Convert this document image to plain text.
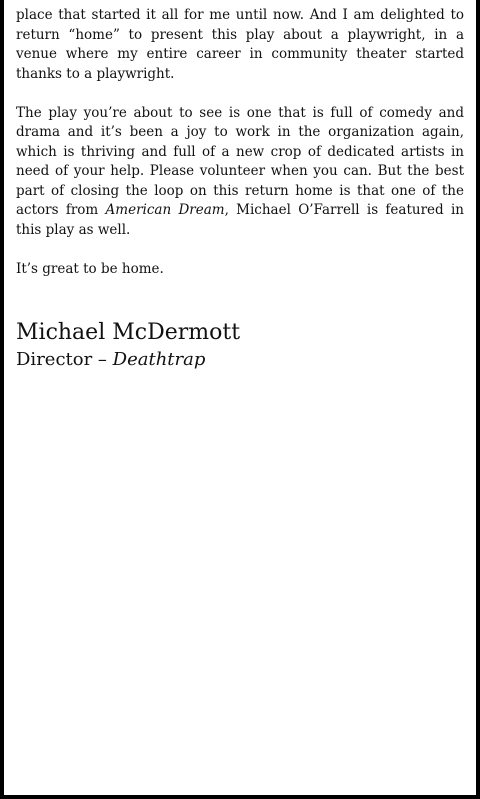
place that started it all for me until now. And I am delighted to return “home” to present this play about a playwright, in a venue where my entire career in community theater started thanks to a playwright.

The play you’re about to see is one that is full of comedy and drama and it’s been a joy to work in the organization again, which is thriving and full of a new crop of dedicated artists in need of your help. Please volunteer when you can. But the best part of closing the loop on this return home is that one of the actors from American Dream, Michael O’Farrell is featured in this play as well.

It’s great to be home.

Michael McDermott
Director – Deathtrap
